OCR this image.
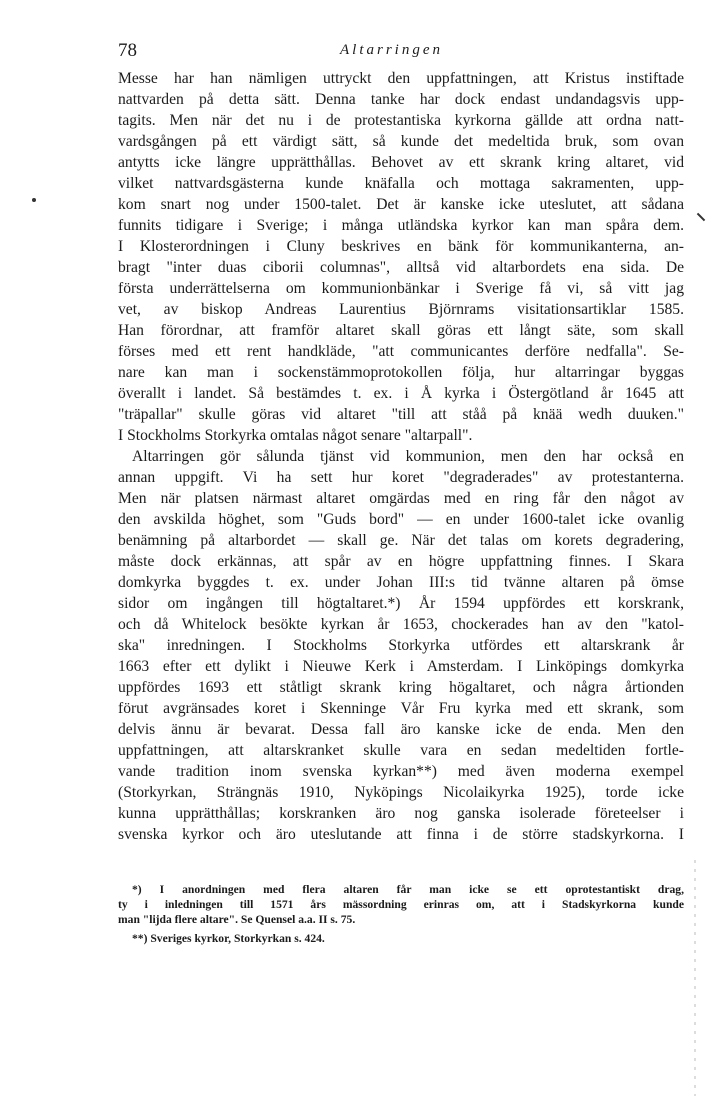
78	Altarringen
Messe har han nämligen uttryckt den uppfattningen, att Kristus instiftade
nattvarden på detta sätt. Denna tanke har dock endast undandagsvis upp-
tagits. Men när det nu i de protestantiska kyrkorna gällde att ordna natt-
vardsgången på ett värdigt sätt, så kunde det medeltida bruk, som ovan
antytts icke längre upprätthållas. Behovet av ett skrank kring altaret, vid
vilket nattvardsgästerna kunde knäfalla och mottaga sakramenten, upp-
kom snart nog under 1500-talet. Det är kanske icke uteslutet, att sådana
funnits tidigare i Sverige; i många utländska kyrkor kan man spåra dem.
I Klosterordningen i Cluny beskrives en bänk för kommunikanterna, an-
bragt "inter duas ciborii columnas", alltså vid altarbordets ena sida. De
första underrättelserna om kommunionbänkar i Sverige få vi, så vitt jag
vet, av biskop Andreas Laurentius Björnrams visitationsartiklar 1585.
Han förordnar, att framför altaret skall göras ett långt säte, som skall
förses med ett rent handkläde, "att communicantes derföre nedfalla". Se-
nare kan man i sockenstämmoprotokollen följa, hur altarringar byggas
överallt i landet. Så bestämdes t. ex. i Å kyrka i Östergötland år 1645 att
"träpallar" skulle göras vid altaret "till att ståå på knää wedh duuken."
I Stockholms Storkyrka omtalas något senare "altarpall".
Altarringen gör sålunda tjänst vid kommunion, men den har också en
annan uppgift. Vi ha sett hur koret "degraderades" av protestanterna.
Men när platsen närmast altaret omgärdas med en ring får den något av
den avskilda höghet, som "Guds bord" — en under 1600-talet icke ovanlig
benämning på altarbordet — skall ge. När det talas om korets degradering,
måste dock erkännas, att spår av en högre uppfattning finnes. I Skara
domkyrka byggdes t. ex. under Johan III:s tid tvänne altaren på ömse
sidor om ingången till högtaltaret.*) År 1594 uppfördes ett korskrank,
och då Whitelock besökte kyrkan år 1653, chockerades han av den "katol-
ska" inredningen. I Stockholms Storkyrka utfördes ett altarskrank år
1663 efter ett dylikt i Nieuwe Kerk i Amsterdam. I Linköpings domkyrka
uppfördes 1693 ett ståtligt skrank kring högaltaret, och några årtionden
förut avgränsades koret i Skenninge Vår Fru kyrka med ett skrank, som
delvis ännu är bevarat. Dessa fall äro kanske icke de enda. Men den
uppfattningen, att altarskranket skulle vara en sedan medeltiden fortle-
vande tradition inom svenska kyrkan**) med även moderna exempel
(Storkyrkan, Strängnäs 1910, Nyköpings Nicolaikyrka 1925), torde icke
kunna upprätthållas; korskranken äro nog ganska isolerade företeelser i
svenska kyrkor och äro uteslutande att finna i de större stadskyrkorna. I
*) I anordningen med flera altaren får man icke se ett oprotestantiskt drag,
ty i inledningen till 1571 års mässordning erinras om, att i Stadskyrkorna kunde
man "lijda flere altare". Se Quensel a.a. II s. 75.
**) Sveriges kyrkor, Storkyrkan s. 424.
